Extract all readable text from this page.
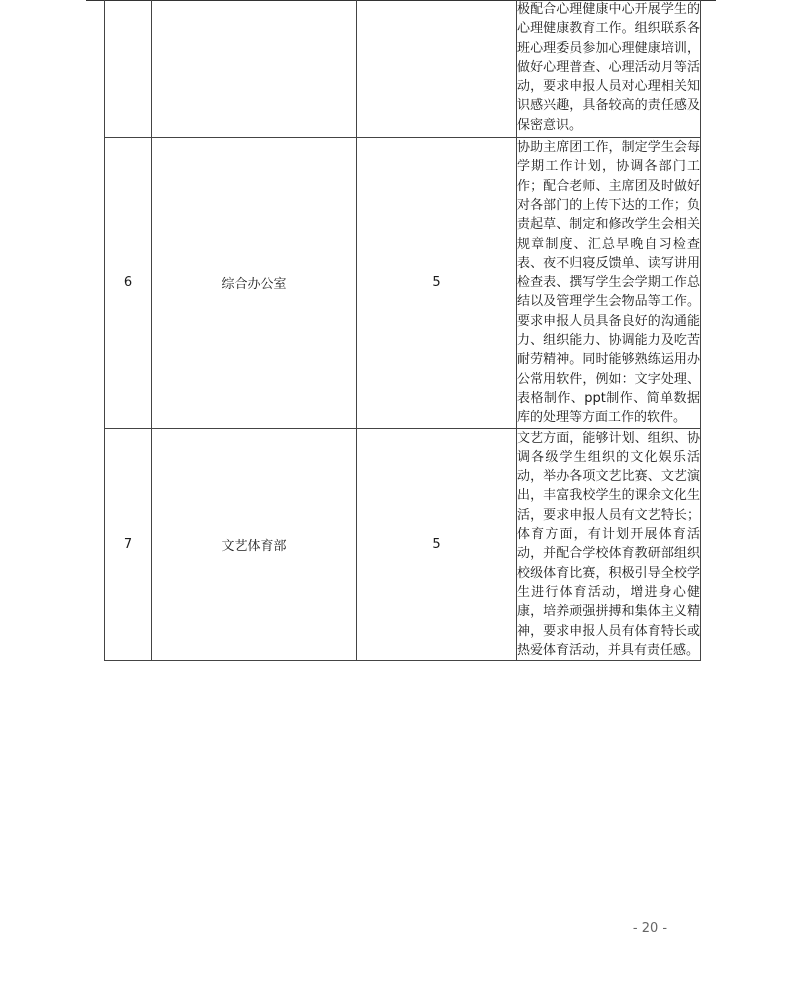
			极配合心理健康中心开展学生的心理健康教育工作。组织联系各班心理委员参加心理健康培训，做好心理普查、心理活动月等活动，要求申报人员对心理相关知识感兴趣，具备较高的责任感及保密意识。
6	综合办公室	5	协助主席团工作，制定学生会每学期工作计划，协调各部门工作；配合老师、主席团及时做好对各部门的上传下达的工作；负责起草、制定和修改学生会相关规章制度、汇总早晚自习检查表、夜不归寝反馈单、读写讲用检查表、撰写学生会学期工作总结以及管理学生会物品等工作。要求申报人员具备良好的沟通能力、组织能力、协调能力及吃苦耐劳精神。同时能够熟练运用办公常用软件，例如：文字处理、表格制作、ppt制作、简单数据库的处理等方面工作的软件。
7	文艺体育部	5	文艺方面，能够计划、组织、协调各级学生组织的文化娱乐活动，举办各项文艺比赛、文艺演出，丰富我校学生的课余文化生活，要求申报人员有文艺特长；体育方面，有计划开展体育活动，并配合学校体育教研部组织校级体育比赛，积极引导全校学生进行体育活动，增进身心健康，培养顽强拼搏和集体主义精神，要求申报人员有体育特长或热爱体育活动，并具有责任感。
- 20 -
